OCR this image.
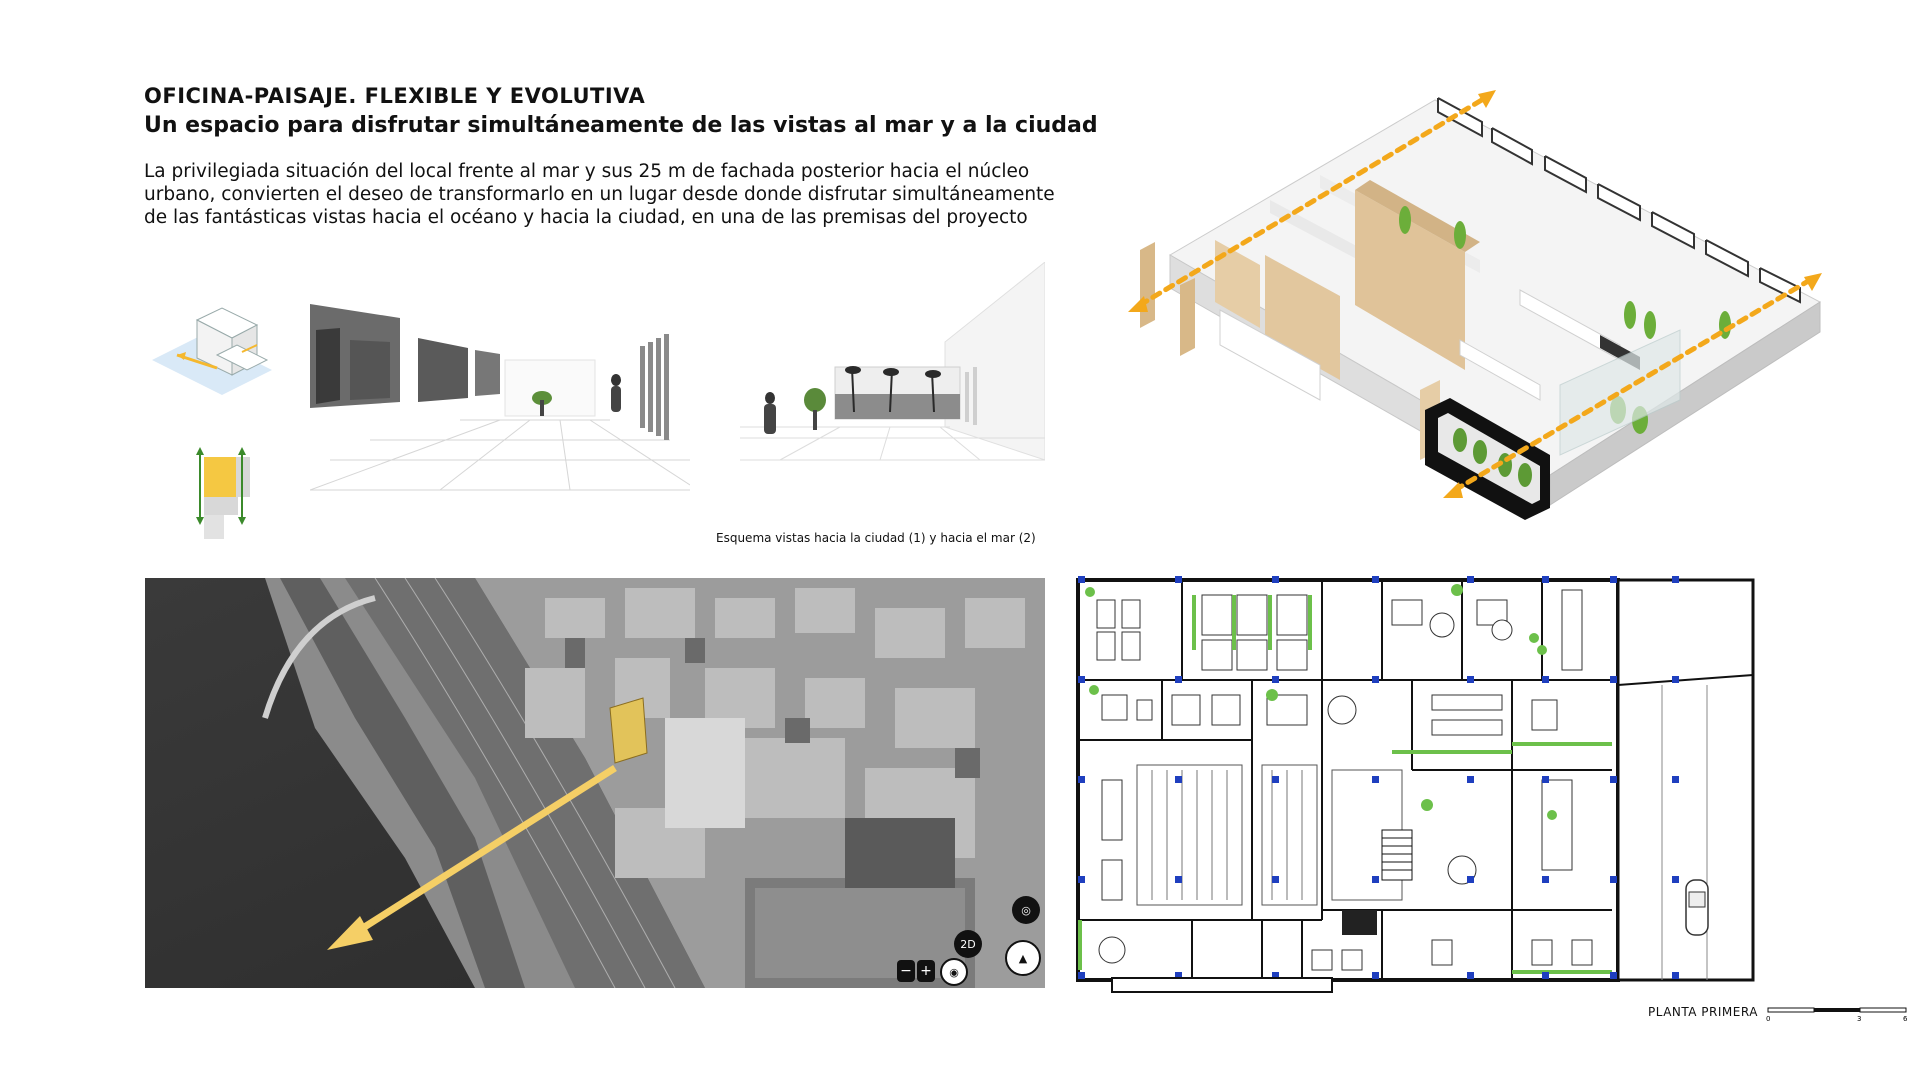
OFICINA-PAISAJE. FLEXIBLE Y EVOLUTIVA
Un espacio para disfrutar simultáneamente de las vistas al mar y a la ciudad
La privilegiada situación del local frente al mar y sus 25 m de fachada posterior hacia el núcleo urbano, convierten el deseo de transformarlo en un lugar desde donde disfrutar simultáneamente de las fantásticas vistas hacia el océano y hacia la ciudad, en una de las premisas del proyecto
Esquema vistas hacia la ciudad (1) y hacia el mar (2)
◎
2D
▲
− +	◉
PLANTA PRIMERA 0	3	6
